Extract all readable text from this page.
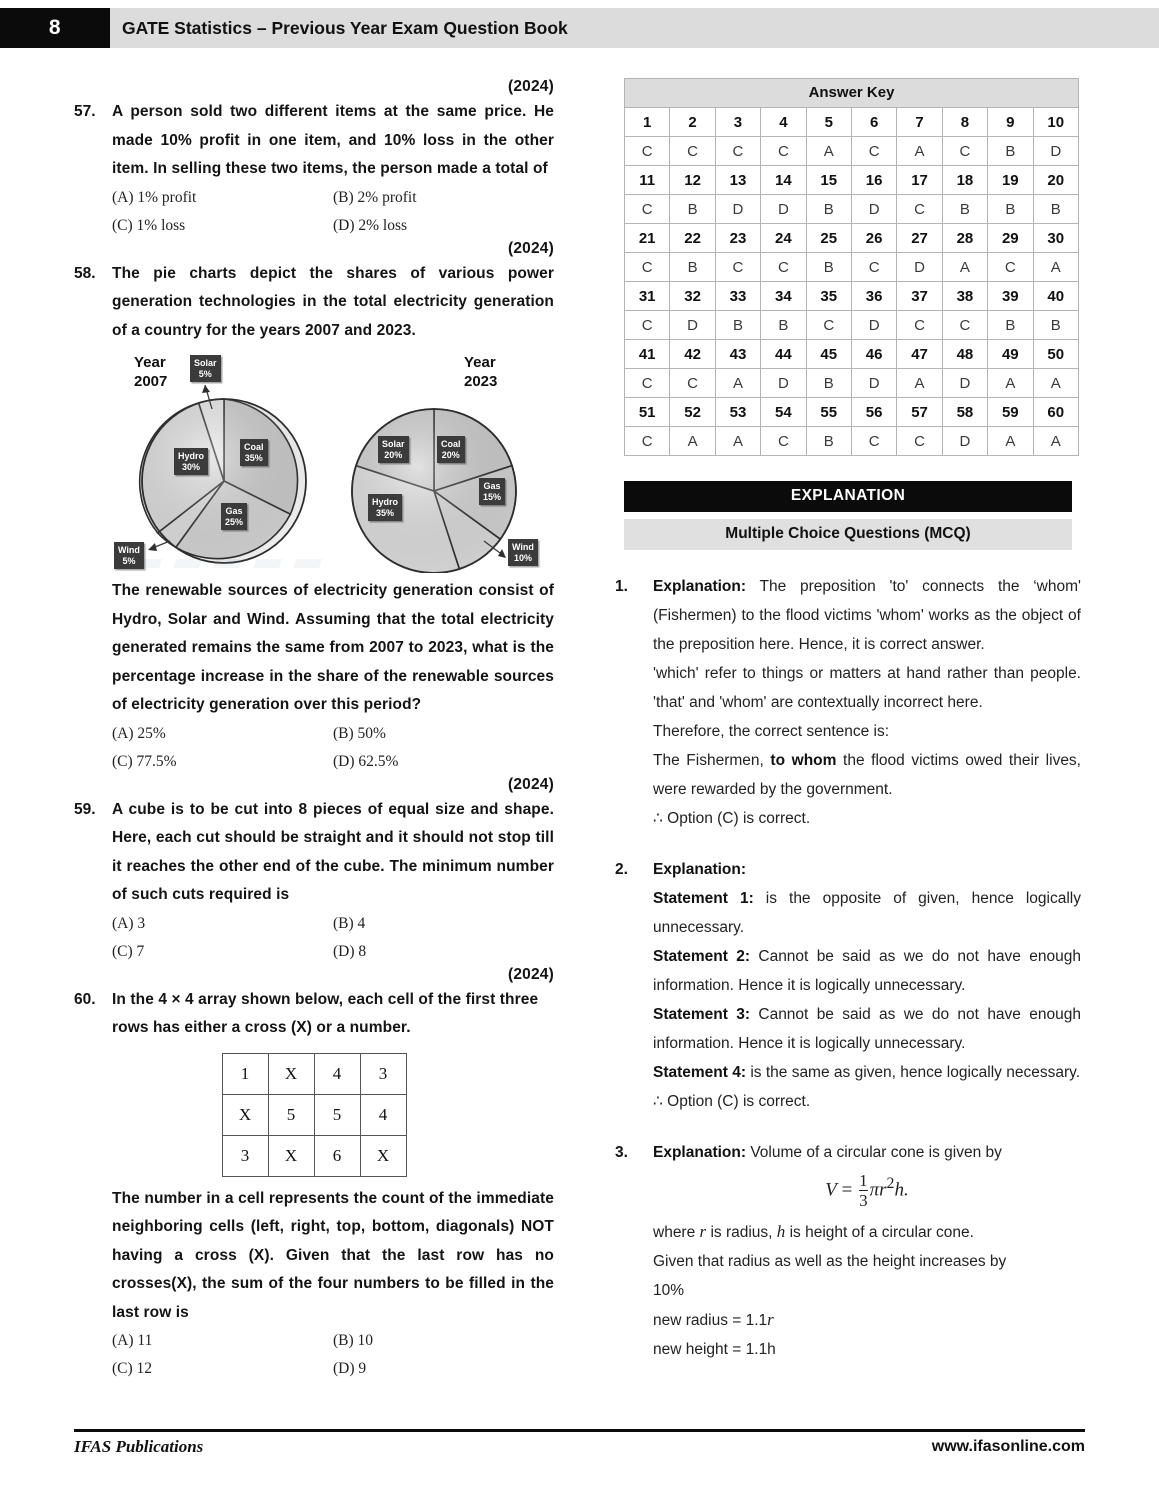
8	GATE Statistics – Previous Year Exam Question Book
(2024)
57.	A person sold two different items at the same price. He made 10% profit in one item, and 10% loss in the other item. In selling these two items, the person made a total of
(A) 1% profit	(B) 2% profit
(C) 1% loss	(D) 2% loss
(2024)
58.	The pie charts depict the shares of various power generation technologies in the total electricity generation of a country for the years 2007 and 2023.
Year
2007
Year
2023
Solar
5%
Coal
35%
Hydro
30%
Gas
25%
Wind
5%
Solar
20%
Coal
20%
Gas
15%
Hydro
35%
Wind
10%
The renewable sources of electricity generation consist of Hydro, Solar and Wind. Assuming that the total electricity generated remains the same from 2007 to 2023, what is the percentage increase in the share of the renewable sources of electricity generation over this period?
(A) 25%	(B) 50%
(C) 77.5%	(D) 62.5%
(2024)
59.	A cube is to be cut into 8 pieces of equal size and shape. Here, each cut should be straight and it should not stop till it reaches the other end of the cube. The minimum number of such cuts required is
(A) 3	(B) 4
(C) 7	(D) 8
(2024)
60.	In the 4 × 4 array shown below, each cell of the first three rows has either a cross (X) or a number.
1	X	4	3
X	5	5	4
3	X	6	X
The number in a cell represents the count of the immediate neighboring cells (left, right, top, bottom, diagonals) NOT having a cross (X). Given that the last row has no crosses(X), the sum of the four numbers to be filled in the last row is
(A) 11	(B) 10
(C) 12	(D) 9
Answer Key									
1	2	3	4	5	6	7	8	9	10
C	C	C	C	A	C	A	C	B	D
11	12	13	14	15	16	17	18	19	20
C	B	D	D	B	D	C	B	B	B
21	22	23	24	25	26	27	28	29	30
C	B	C	C	B	C	D	A	C	A
31	32	33	34	35	36	37	38	39	40
C	D	B	B	C	D	C	C	B	B
41	42	43	44	45	46	47	48	49	50
C	C	A	D	B	D	A	D	A	A
51	52	53	54	55	56	57	58	59	60
C	A	A	C	B	C	C	D	A	A
EXPLANATION
Multiple Choice Questions (MCQ)
1.	Explanation: The preposition 'to' connects the ‘whom' (Fishermen) to the flood victims 'whom' works as the object of the preposition here. Hence, it is correct answer.

'which' refer to things or matters at hand rather than people. 'that' and 'whom' are contextually incorrect here.

Therefore, the correct sentence is:

The Fishermen, to whom the flood victims owed their lives, were rewarded by the government.

∴ Option (C) is correct.

2.	Explanation:

Statement 1: is the opposite of given, hence logically unnecessary.

Statement 2: Cannot be said as we do not have enough information. Hence it is logically unnecessary.

Statement 3: Cannot be said as we do not have enough information. Hence it is logically unnecessary.

Statement 4: is the same as given, hence logically necessary.

∴ Option (C) is correct.

3.	Explanation: Volume of a circular cone is given by

$V = \frac{1}{3} \pi r^2h$.

where r is radius, h is height of a circular cone.

Given that radius as well as the height increases by

10%

new radius = 1.1r

new height = 1.1h

IFAS Publications	www.ifasonline.com
